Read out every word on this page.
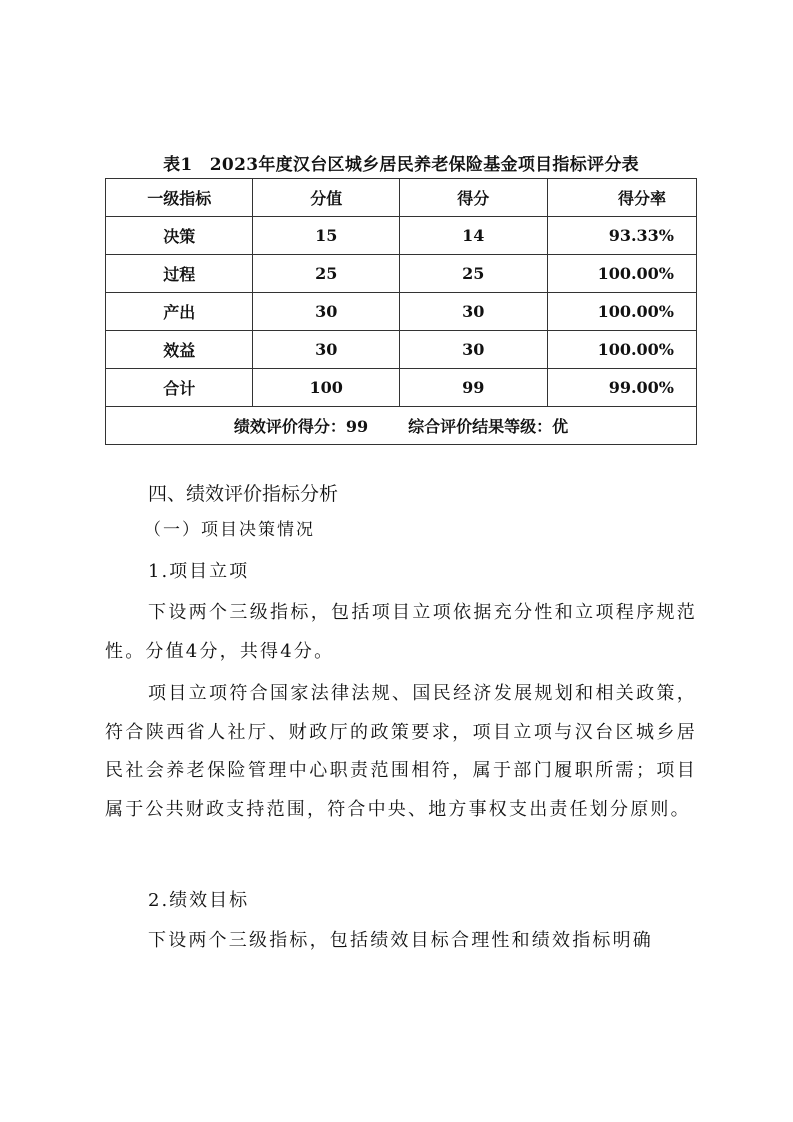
表1　2023年度汉台区城乡居民养老保险基金项目指标评分表
一级指标	分值	得分	得分率
决策	15	14	93.33%
过程	25	25	100.00%
产出	30	30	100.00%
效益	30	30	100.00%
合计	100	99	99.00%
绩效评价得分：99 综合评价结果等级：优			
四、绩效评价指标分析
（一）项目决策情况
1.项目立项
下设两个三级指标，包括项目立项依据充分性和立项程序规范性。分值4分，共得4分。
项目立项符合国家法律法规、国民经济发展规划和相关政策，符合陕西省人社厅、财政厅的政策要求，项目立项与汉台区城乡居民社会养老保险管理中心职责范围相符，属于部门履职所需；项目属于公共财政支持范围，符合中央、地方事权支出责任划分原则。
2.绩效目标
下设两个三级指标，包括绩效目标合理性和绩效指标明确
